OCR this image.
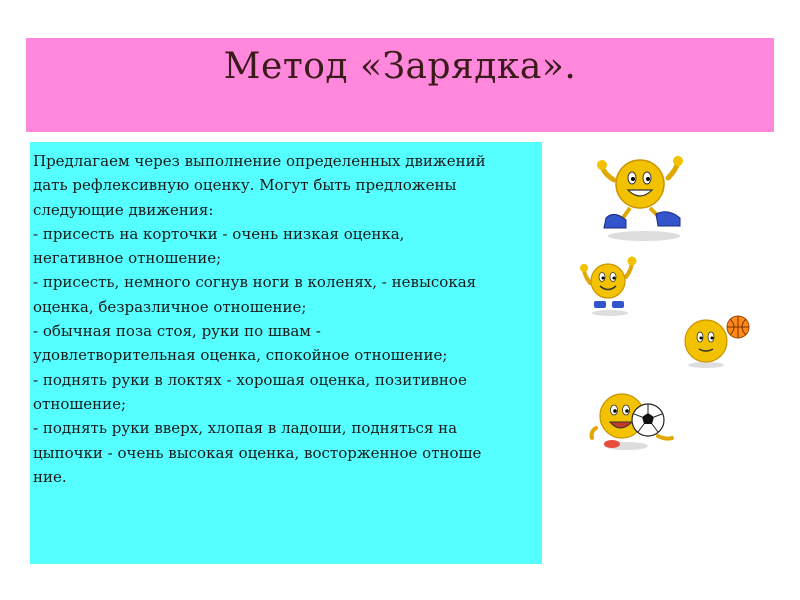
Метод «Зарядка».
Предлагаем через выполнение определенных движений
дать рефлексивную оценку. Могут быть предложены
следующие движения:
- присесть на корточки - очень низкая оценка,
негативное отношение;
- присесть, немного согнув ноги в коленях, - невысокая
оценка, безразличное отношение;
- обычная поза стоя, руки по швам -
удовлетворительная оценка, спокойное отношение;
- поднять руки в локтях - хорошая оценка, позитивное
отношение;
- поднять руки вверх, хлопая в ладоши, подняться на
цыпочки - очень высокая оценка, восторженное отноше
ние.
